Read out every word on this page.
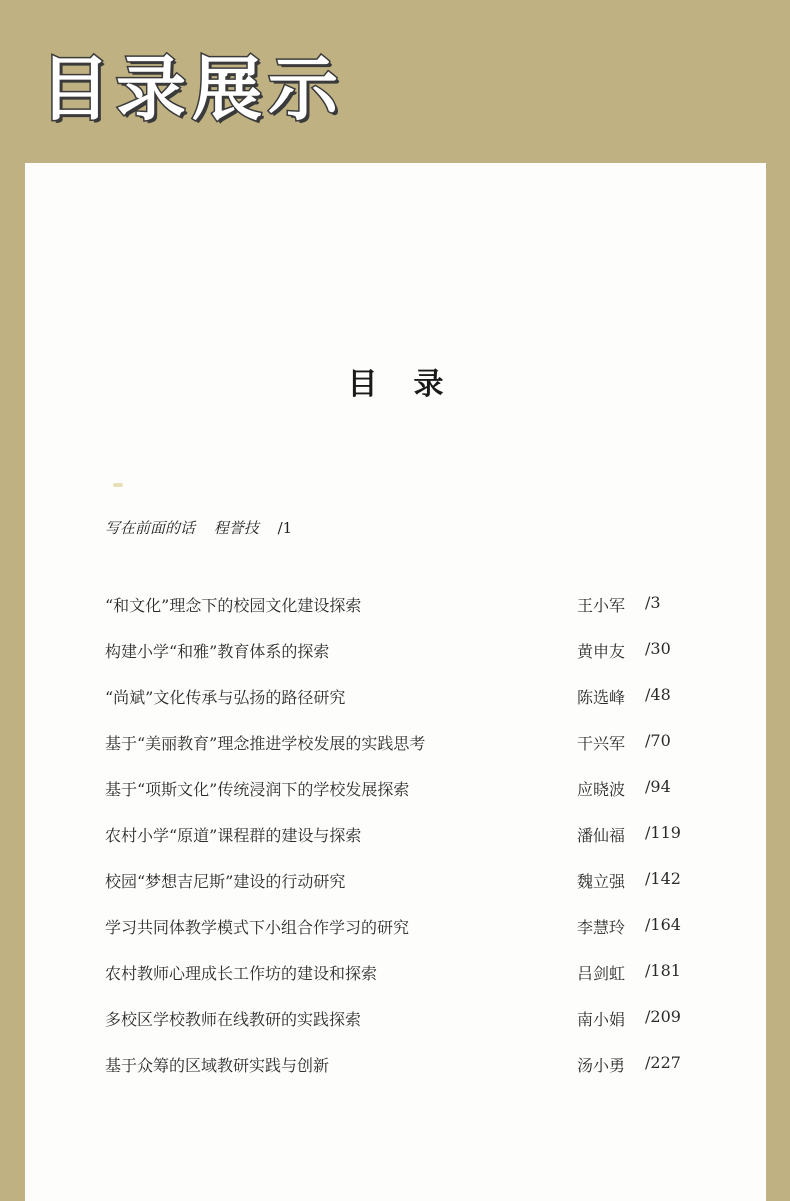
目录展示
目录
写在前面的话 程誉技 /1
“和文化”理念下的校园文化建设探索	王小军 /3
构建小学“和雅”教育体系的探索	黄申友 /30
“尚斌”文化传承与弘扬的路径研究	陈选峰 /48
基于“美丽教育”理念推进学校发展的实践思考	干兴军 /70
基于“项斯文化”传统浸润下的学校发展探索	应晓波 /94
农村小学“原道”课程群的建设与探索	潘仙福 /119
校园“梦想吉尼斯”建设的行动研究	魏立强 /142
学习共同体教学模式下小组合作学习的研究	李慧玲 /164
农村教师心理成长工作坊的建设和探索	吕剑虹 /181
多校区学校教师在线教研的实践探索	南小娟 /209
基于众筹的区域教研实践与创新	汤小勇 /227
